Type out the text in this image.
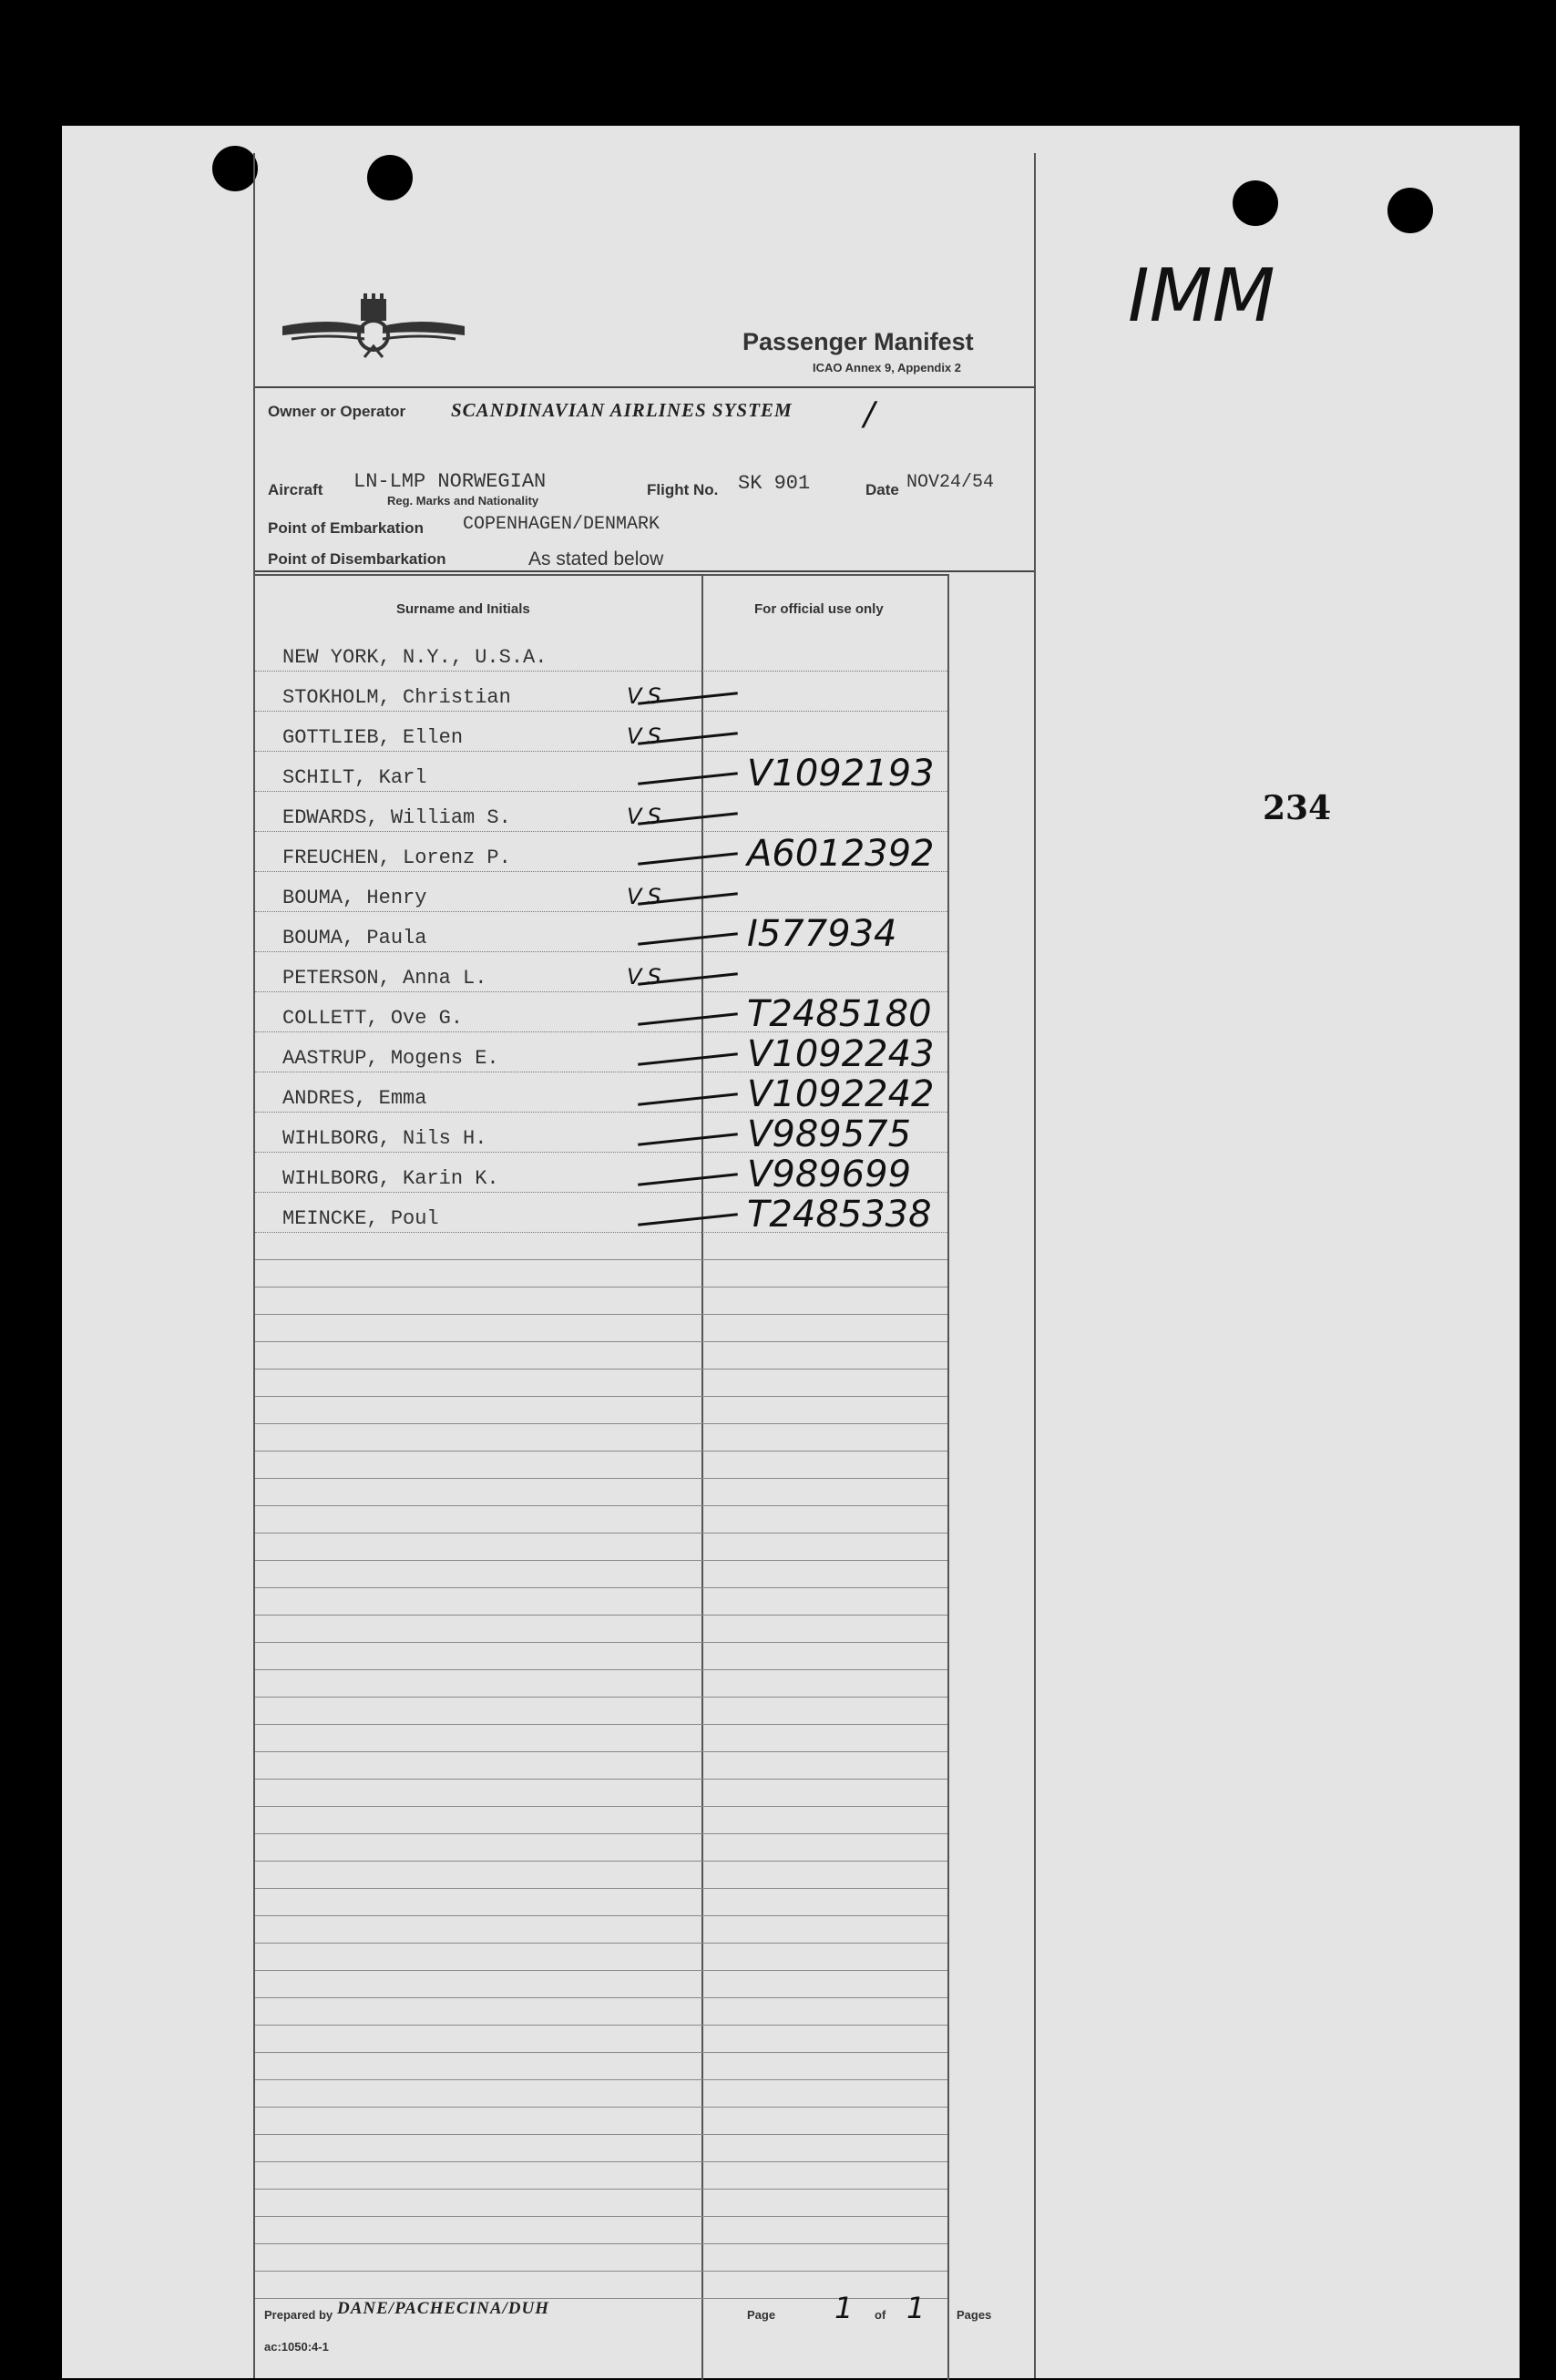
IMM
234
Passenger Manifest
ICAO Annex 9, Appendix 2
Owner or Operator SCANDINAVIAN AIRLINES SYSTEM /
Aircraft LN-LMP NORWEGIAN
Reg. Marks and Nationality
Flight No. SK 901	Date NOV24/54
Point of Embarkation COPENHAGEN/DENMARK
Point of Disembarkation	As stated below
Surname and Initials	For official use only
NEW YORK, N.Y., U.S.A.
STOKHOLM, Christian	VS
GOTTLIEB, Ellen	VS
SCHILT, Karl	V1092193
EDWARDS, William S.	VS
FREUCHEN, Lorenz P.	A6012392
BOUMA, Henry	VS
BOUMA, Paula	I577934
PETERSON, Anna L.	VS
COLLETT, Ove G.	T2485180
AASTRUP, Mogens E.	V1092243
ANDRES, Emma	V1092242
WIHLBORG, Nils H.	V989575
WIHLBORG, Karin K.	V989699
MEINCKE, Poul	T2485338
Prepared by DANE/PACHECINA/DUH	Page 1 of 1	Pages
ac:1050:4-1
